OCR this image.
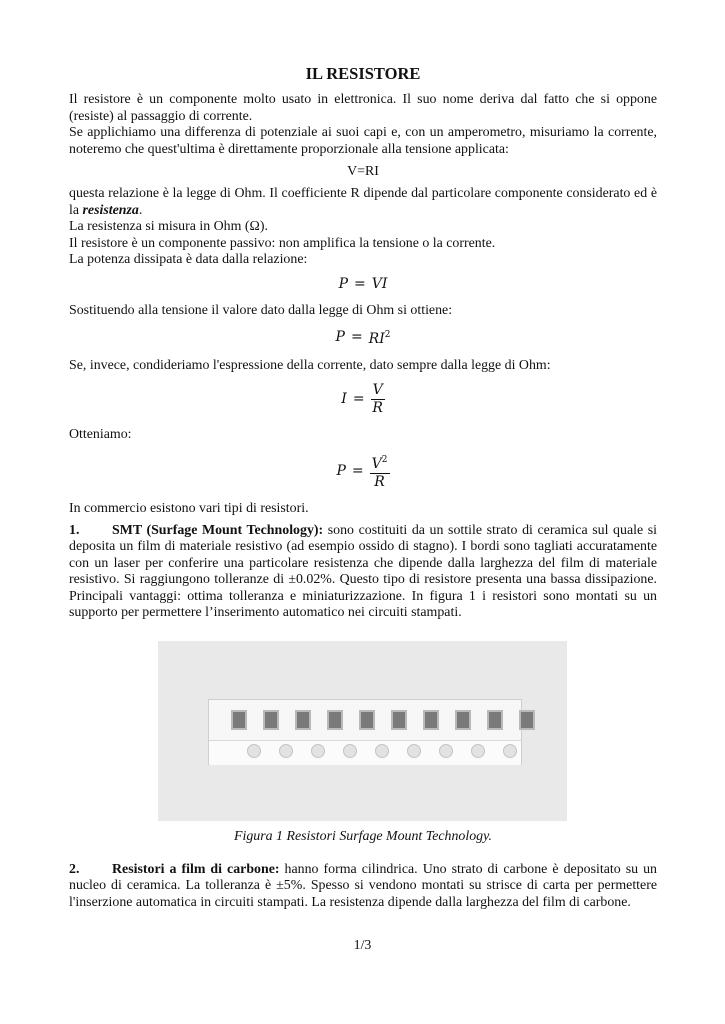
IL RESISTORE

Il resistore è un componente molto usato in elettronica. Il suo nome deriva dal fatto che si oppone (resiste) al passaggio di corrente.

Se applichiamo una differenza di potenziale ai suoi capi e, con un amperometro, misuriamo la corrente, noteremo che quest'ultima è direttamente proporzionale alla tensione applicata:

V=RI

questa relazione è la legge di Ohm. Il coefficiente R dipende dal particolare componente considerato ed è la resistenza.

La resistenza si misura in Ohm (Ω).

Il resistore è un componente passivo: non amplifica la tensione o la corrente.

La potenza dissipata è data dalla relazione:

P = VI

Sostituendo alla tensione il valore dato dalla legge di Ohm si ottiene:

$P = RI^2$

Se, invece, condideriamo l'espressione della corrente, dato sempre dalla legge di Ohm:

$I = \frac{V}{R}$

Otteniamo:

$P = \frac{V^2}{R}$

In commercio esistono vari tipi di resistori.

1. SMT (Surfage Mount Technology): sono costituiti da un sottile strato di ceramica sul quale si deposita un film di materiale resistivo (ad esempio ossido di stagno). I bordi sono tagliati accuratamente con un laser per conferire una particolare resistenza che dipende dalla larghezza del film di materiale resistivo. Si raggiungono tolleranze di ±0.02%. Questo tipo di resistore presenta una bassa dissipazione. Principali vantaggi: ottima tolleranza e miniaturizzazione. In figura 1 i resistori sono montati su un supporto per permettere l’inserimento automatico nei circuiti stampati.

Figura 1 Resistori Surfage Mount Technology.

2. Resistori a film di carbone: hanno forma cilindrica. Uno strato di carbone è depositato su un nucleo di ceramica. La tolleranza è ±5%. Spesso si vendono montati su strisce di carta per permettere l'inserzione automatica in circuiti stampati. La resistenza dipende dalla larghezza del film di carbone.

1/3
